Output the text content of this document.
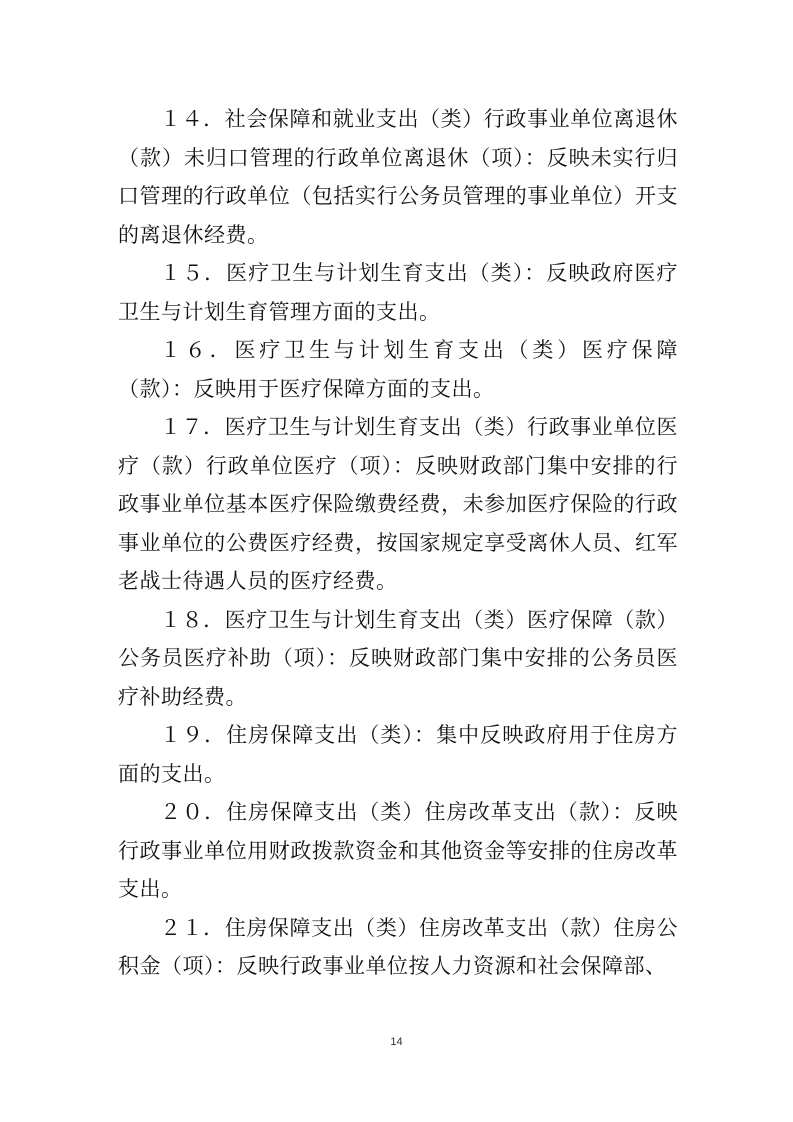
１４．社会保障和就业支出（类）行政事业单位离退休（款）未归口管理的行政单位离退休（项）：反映未实行归口管理的行政单位（包括实行公务员管理的事业单位）开支的离退休经费。

１５．医疗卫生与计划生育支出（类）：反映政府医疗卫生与计划生育管理方面的支出。

１６．医疗卫生与计划生育支出（类）医疗保障（款）：反映用于医疗保障方面的支出。

１７．医疗卫生与计划生育支出（类）行政事业单位医疗（款）行政单位医疗（项）：反映财政部门集中安排的行政事业单位基本医疗保险缴费经费，未参加医疗保险的行政事业单位的公费医疗经费，按国家规定享受离休人员、红军老战士待遇人员的医疗经费。

１８．医疗卫生与计划生育支出（类）医疗保障（款）公务员医疗补助（项）：反映财政部门集中安排的公务员医疗补助经费。

１９．住房保障支出（类）：集中反映政府用于住房方面的支出。

２０．住房保障支出（类）住房改革支出（款）：反映行政事业单位用财政拨款资金和其他资金等安排的住房改革支出。

２１．住房保障支出（类）住房改革支出（款）住房公积金（项）：反映行政事业单位按人力资源和社会保障部、

14
